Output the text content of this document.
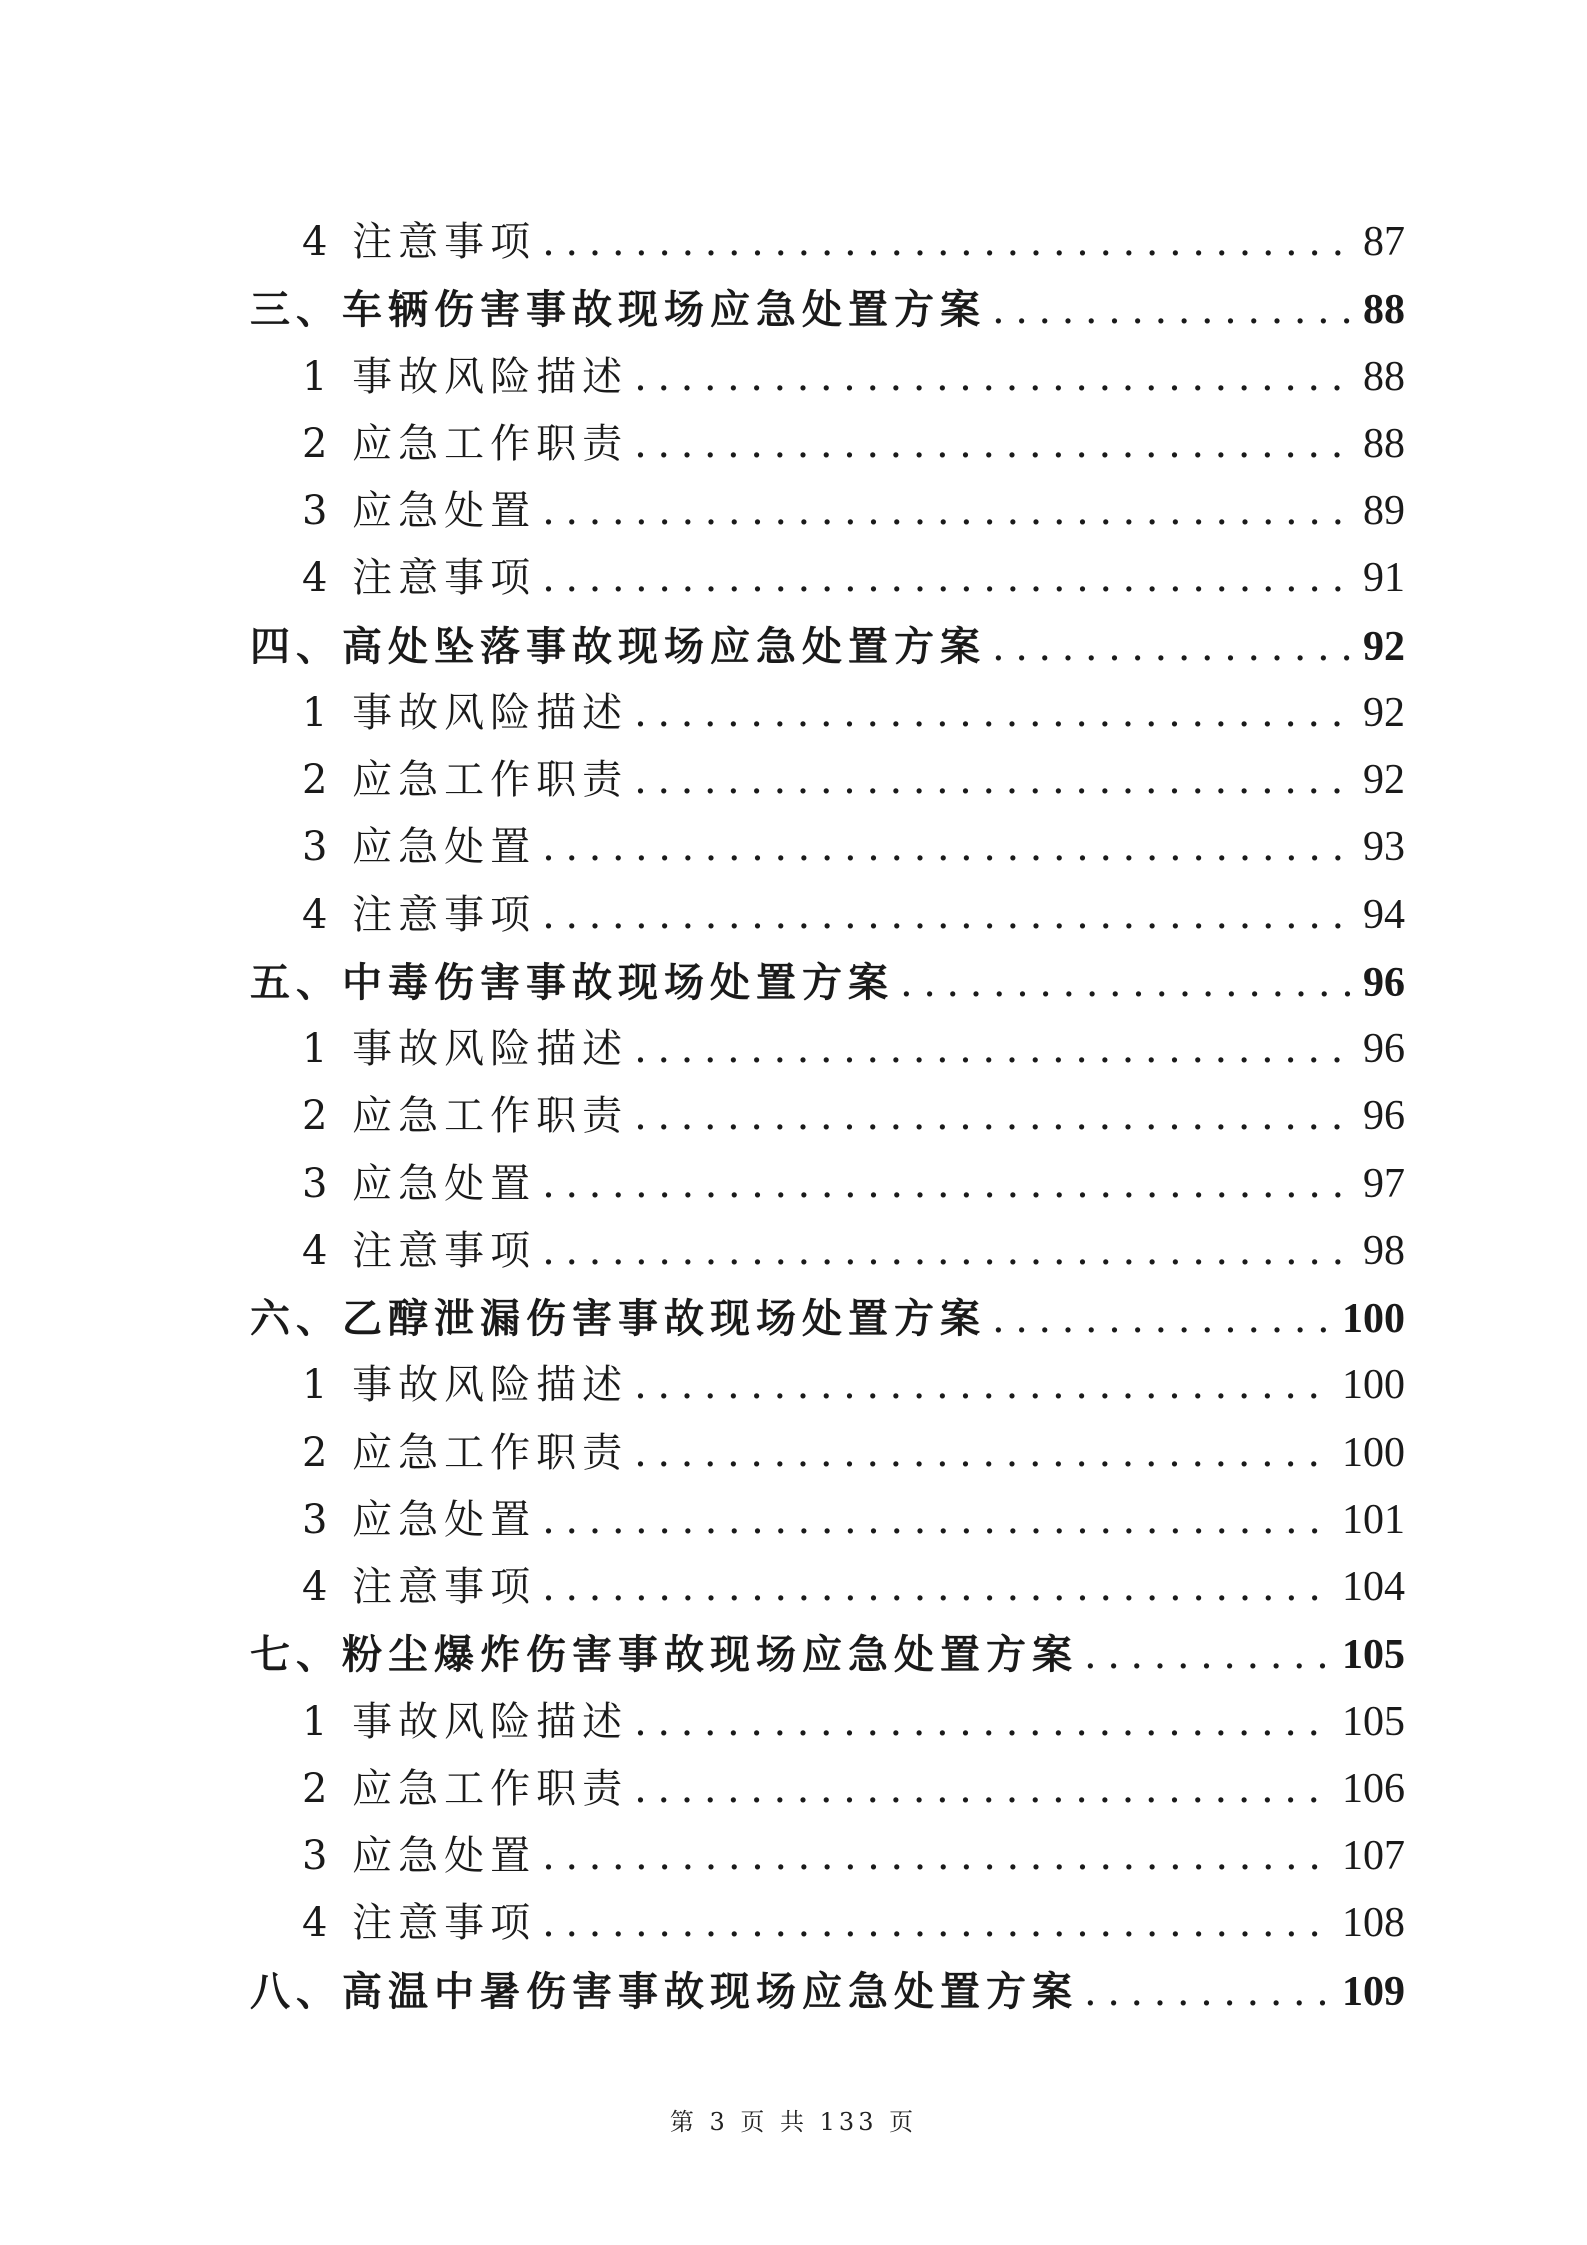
4 注意事项 .....	87
三、车辆伤害事故现场应急处置方案 .....	88
1 事故风险描述 .....	88
2 应急工作职责 .....	88
3 应急处置 .....	89
4 注意事项 .....	91
四、高处坠落事故现场应急处置方案 .....	92
1 事故风险描述 .....	92
2 应急工作职责 .....	92
3 应急处置 .....	93
4 注意事项 .....	94
五、中毒伤害事故现场处置方案 .....	96
1 事故风险描述 .....	96
2 应急工作职责 .....	96
3 应急处置 .....	97
4 注意事项 .....	98
六、乙醇泄漏伤害事故现场处置方案 .....	100
1 事故风险描述 .....	100
2 应急工作职责 .....	100
3 应急处置 .....	101
4 注意事项 .....	104
七、粉尘爆炸伤害事故现场应急处置方案 .....	105
1 事故风险描述 .....	105
2 应急工作职责 .....	106
3 应急处置 .....	107
4 注意事项 .....	108
八、高温中暑伤害事故现场应急处置方案 .....	109
第 3 页 共 133 页
